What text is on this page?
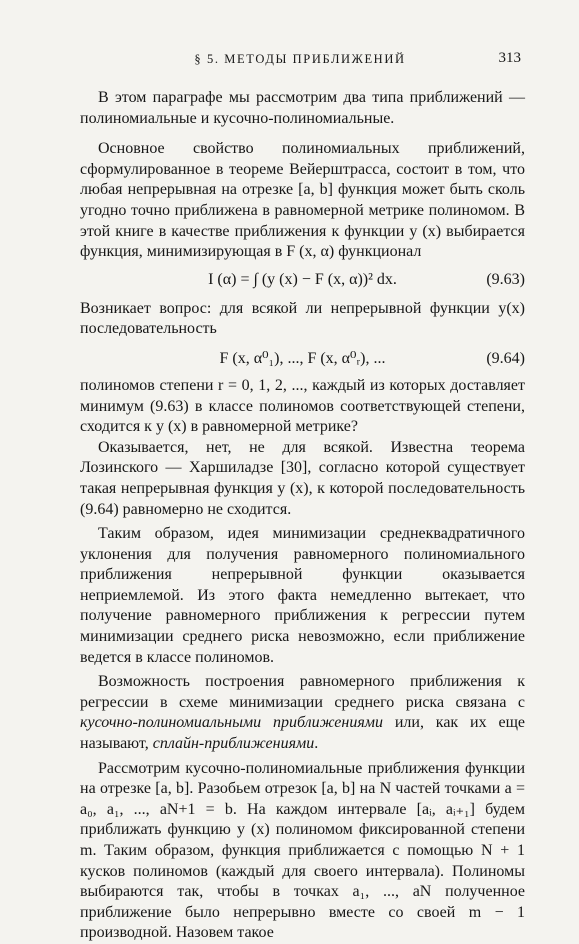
§ 5. МЕТОДЫ ПРИБЛИЖЕНИЙ	313

В этом параграфе мы рассмотрим два типа приближений — полиномиальные и кусочно-полиномиальные.

Основное свойство полиномиальных приближений, сформулированное в теореме Вейерштрасса, состоит в том, что любая непрерывная на отрезке [a, b] функция может быть сколь угодно точно приближена в равномерной метрике полиномом. В этой книге в качестве приближения к функции y (x) выбирается функция, минимизирующая в F (x, α) функционал

I (α) = ∫ (y (x) − F (x, α))² dx.	(9.63)

Возникает вопрос: для всякой ли непрерывной функции y(x) последовательность

F (x, α⁰₁), ..., F (x, α⁰ᵣ), ...	(9.64)

полиномов степени r = 0, 1, 2, ..., каждый из которых доставляет минимум (9.63) в классе полиномов соответствующей степени, сходится к y (x) в равномерной метрике?

Оказывается, нет, не для всякой. Известна теорема Лозинского — Харшиладзе [30], согласно которой существует такая непрерывная функция y (x), к которой последовательность (9.64) равномерно не сходится.

Таким образом, идея минимизации среднеквадратичного уклонения для получения равномерного полиномиального приближения непрерывной функции оказывается неприемлемой. Из этого факта немедленно вытекает, что получение равномерного приближения к регрессии путем минимизации среднего риска невозможно, если приближение ведется в классе полиномов.

Возможность построения равномерного приближения к регрессии в схеме минимизации среднего риска связана с кусочно-полиномиальными приближениями или, как их еще называют, сплайн-приближениями.

Рассмотрим кусочно-полиномиальные приближения функции на отрезке [a, b]. Разобьем отрезок [a, b] на N частей точками a = a₀, a₁, ..., aN+1 = b. На каждом интервале [aᵢ, aᵢ₊₁] будем приближать функцию y (x) полиномом фиксированной степени m. Таким образом, функция приближается с помощью N + 1 кусков полиномов (каждый для своего интервала). Полиномы выбираются так, чтобы в точках a₁, ..., aN полученное приближение было непрерывно вместе со своей m − 1 производной. Назовем такое
